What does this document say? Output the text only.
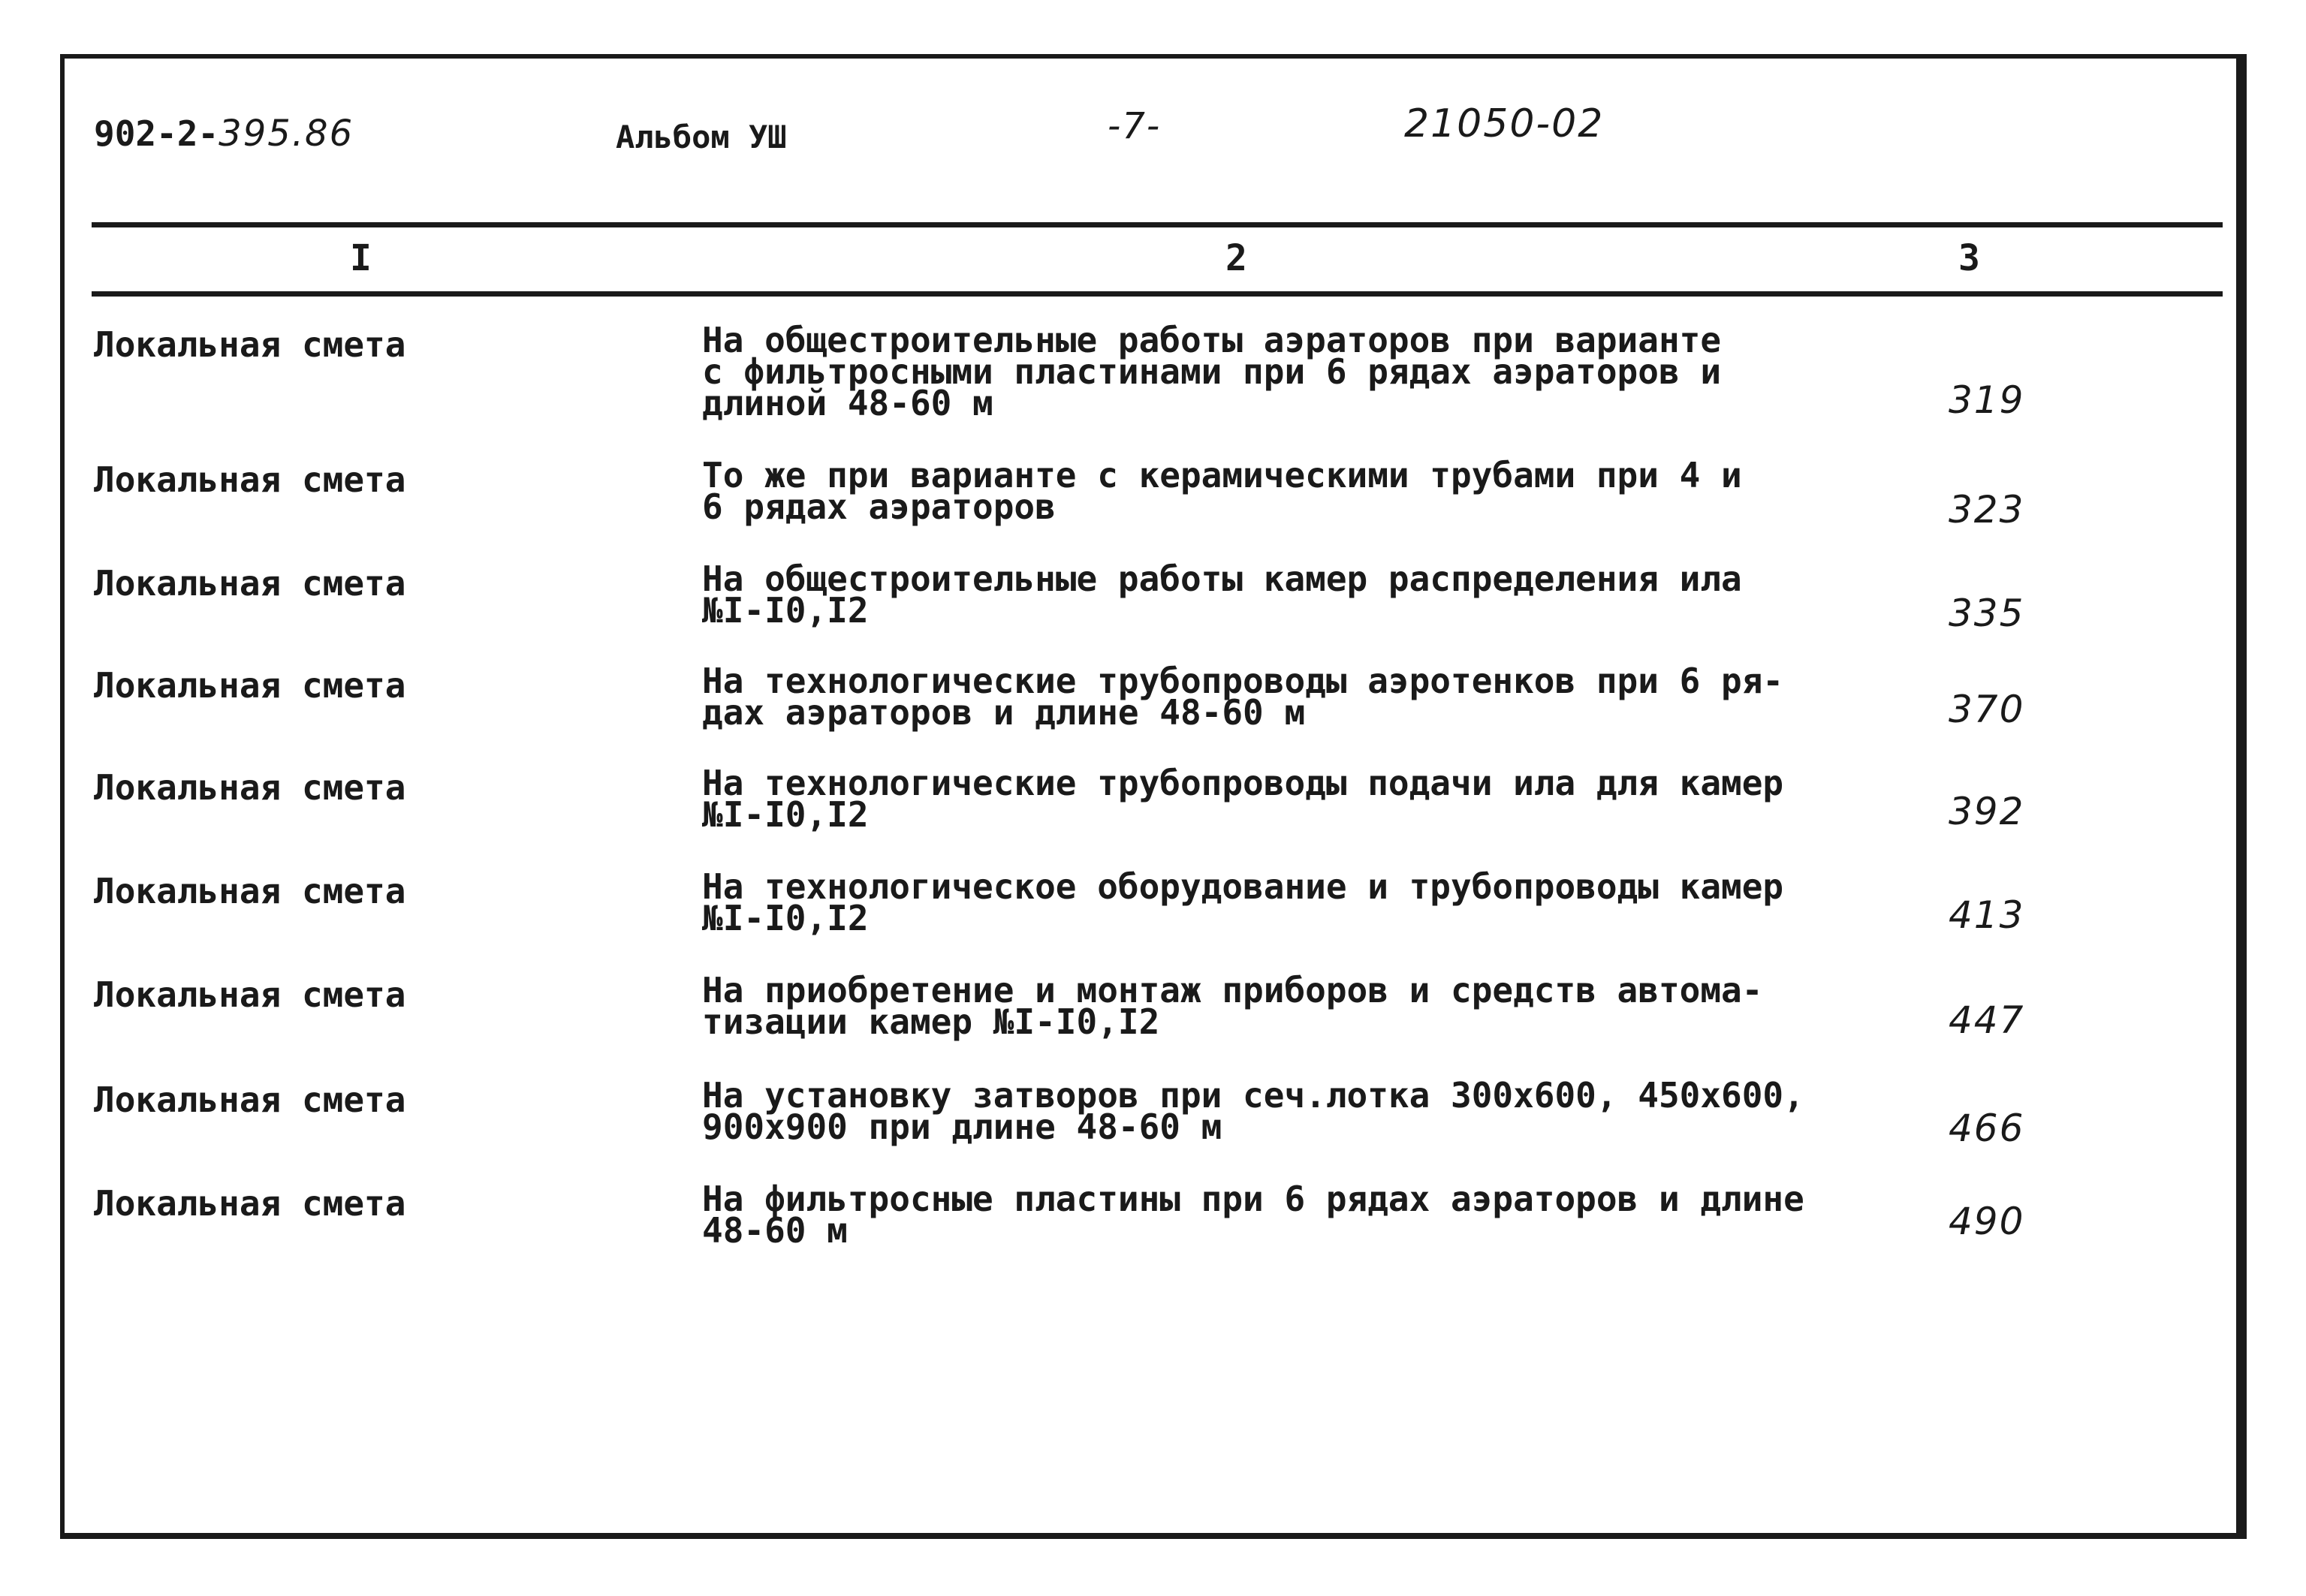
902-2-395.86	Альбом УШ	-7-	21050-02
I	2	3
Локальная смета	На общестроительные работы аэраторов при варианте
с фильтросными пластинами при 6 рядах аэраторов и
длиной 48-60 м	319
Локальная смета	То же при варианте с керамическими трубами при 4 и
6 рядах аэраторов	323
Локальная смета	На общестроительные работы камер распределения ила
№I-I0,I2	335
Локальная смета	На технологические трубопроводы аэротенков при 6 ря-
дах аэраторов и длине 48-60 м	370
Локальная смета	На технологические трубопроводы подачи ила для камер
№I-I0,I2	392
Локальная смета	На технологическое оборудование и трубопроводы камер
№I-I0,I2	413
Локальная смета	На приобретение и монтаж приборов и средств автома-
тизации камер №I-I0,I2	447
Локальная смета	На установку затворов при сеч.лотка 300х600, 450х600,
900х900 при длине 48-60 м	466
Локальная смета	На фильтросные пластины при 6 рядах аэраторов и длине
48-60 м	490
